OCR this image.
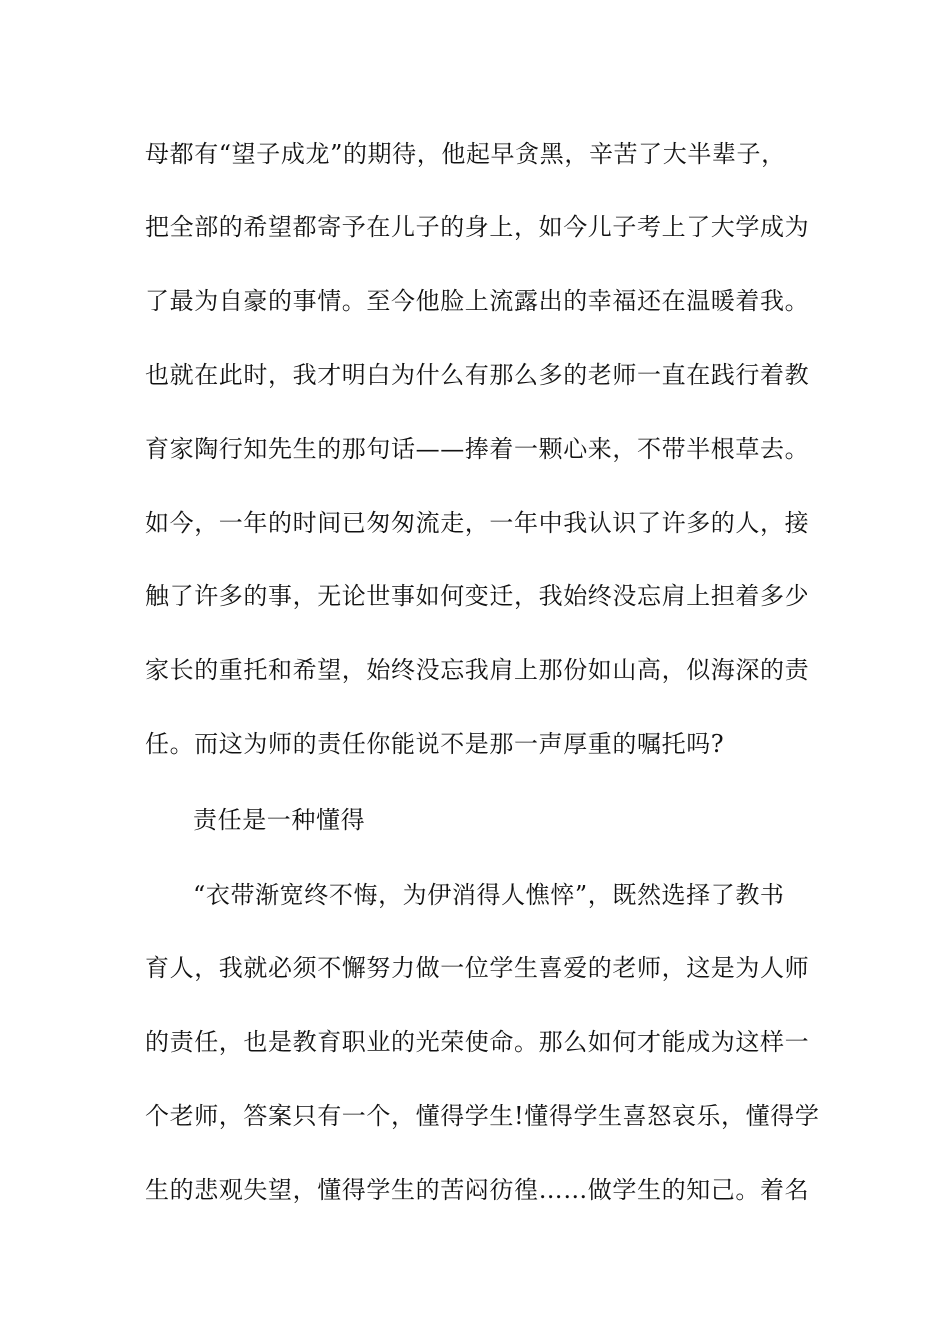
母都有“望子成龙”的期待，他起早贪黑，辛苦了大半辈子，
把全部的希望都寄予在儿子的身上，如今儿子考上了大学成为
了最为自豪的事情。至今他脸上流露出的幸福还在温暖着我。
也就在此时，我才明白为什么有那么多的老师一直在践行着教
育家陶行知先生的那句话——捧着一颗心来，不带半根草去。
如今，一年的时间已匆匆流走，一年中我认识了许多的人，接
触了许多的事，无论世事如何变迁，我始终没忘肩上担着多少
家长的重托和希望，始终没忘我肩上那份如山高，似海深的责
任。而这为师的责任你能说不是那一声厚重的嘱托吗?
责任是一种懂得
“衣带渐宽终不悔，为伊消得人憔悴”，既然选择了教书
育人，我就必须不懈努力做一位学生喜爱的老师，这是为人师
的责任，也是教育职业的光荣使命。那么如何才能成为这样一
个老师，答案只有一个，懂得学生!懂得学生喜怒哀乐，懂得学
生的悲观失望，懂得学生的苦闷彷徨……做学生的知己。着名
